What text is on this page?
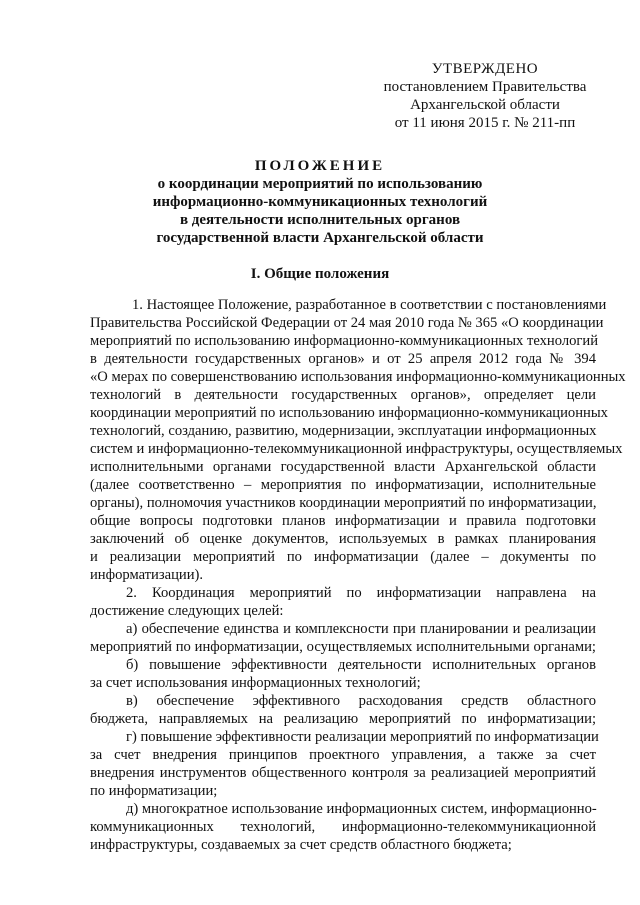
УТВЕРЖДЕНО
постановлением Правительства
Архангельской области
от 11 июня 2015 г. № 211-пп
ПОЛОЖЕНИЕ
о координации мероприятий по использованию
информационно-коммуникационных технологий
в деятельности исполнительных органов
государственной власти Архангельской области
I. Общие положения
1. Настоящее Положение, разработанное в соответствии с постановлениями
Правительства Российской Федерации от 24 мая 2010 года № 365 «О координации
мероприятий по использованию информационно-коммуникационных технологий
в деятельности государственных органов» и от 25 апреля 2012 года № 394
«О мерах по совершенствованию использования информационно-коммуникационных
технологий в деятельности государственных органов», определяет цели
координации мероприятий по использованию информационно-коммуникационных
технологий, созданию, развитию, модернизации, эксплуатации информационных
систем и информационно-телекоммуникационной инфраструктуры, осуществляемых
исполнительными органами государственной власти Архангельской области
(далее соответственно – мероприятия по информатизации, исполнительные
органы), полномочия участников координации мероприятий по информатизации,
общие вопросы подготовки планов информатизации и правила подготовки
заключений об оценке документов, используемых в рамках планирования
и реализации мероприятий по информатизации (далее – документы по
информатизации).
2. Координация мероприятий по информатизации направлена на
достижение следующих целей:
а) обеспечение единства и комплексности при планировании и реализации
мероприятий по информатизации, осуществляемых исполнительными органами;
б) повышение эффективности деятельности исполнительных органов
за счет использования информационных технологий;
в) обеспечение эффективного расходования средств областного
бюджета, направляемых на реализацию мероприятий по информатизации;
г) повышение эффективности реализации мероприятий по информатизации
за счет внедрения принципов проектного управления, а также за счет
внедрения инструментов общественного контроля за реализацией мероприятий
по информатизации;
д) многократное использование информационных систем, информационно-
коммуникационных технологий, информационно-телекоммуникационной
инфраструктуры, создаваемых за счет средств областного бюджета;
